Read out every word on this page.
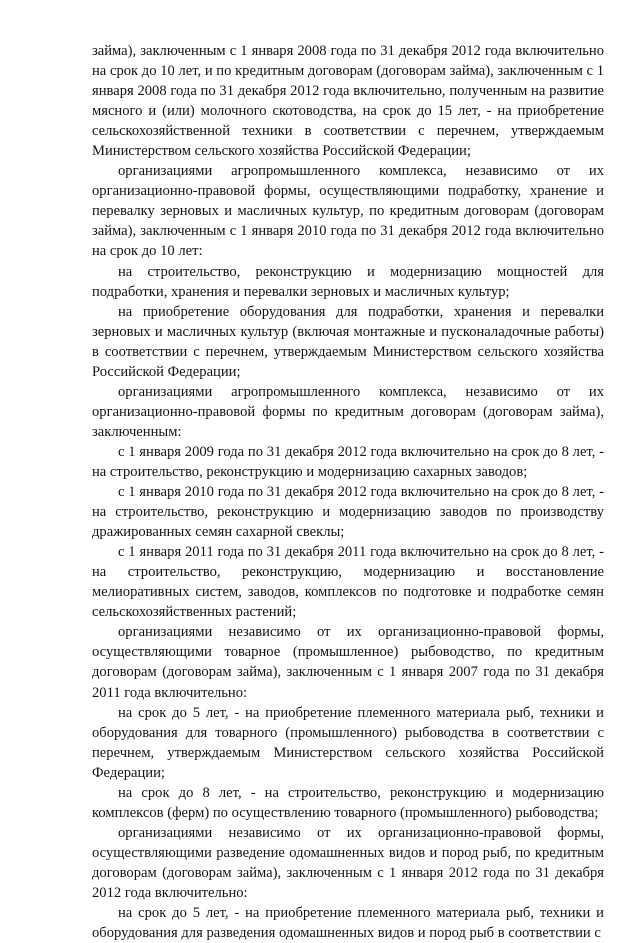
займа), заключенным с 1 января 2008 года по 31 декабря 2012 года включительно на срок до 10 лет, и по кредитным договорам (договорам займа), заключенным с 1 января 2008 года по 31 декабря 2012 года включительно, полученным на развитие мясного и (или) молочного скотоводства, на срок до 15 лет, - на приобретение сельскохозяйственной техники в соответствии с перечнем, утверждаемым Министерством сельского хозяйства Российской Федерации;

организациями агропромышленного комплекса, независимо от их организационно-правовой формы, осуществляющими подработку, хранение и перевалку зерновых и масличных культур, по кредитным договорам (договорам займа), заключенным с 1 января 2010 года по 31 декабря 2012 года включительно на срок до 10 лет:

на строительство, реконструкцию и модернизацию мощностей для подработки, хранения и перевалки зерновых и масличных культур;

на приобретение оборудования для подработки, хранения и перевалки зерновых и масличных культур (включая монтажные и пусконаладочные работы) в соответствии с перечнем, утверждаемым Министерством сельского хозяйства Российской Федерации;

организациями агропромышленного комплекса, независимо от их организационно-правовой формы по кредитным договорам (договорам займа), заключенным:

с 1 января 2009 года по 31 декабря 2012 года включительно на срок до 8 лет, - на строительство, реконструкцию и модернизацию сахарных заводов;

с 1 января 2010 года по 31 декабря 2012 года включительно на срок до 8 лет, - на строительство, реконструкцию и модернизацию заводов по производству дражированных семян сахарной свеклы;

с 1 января 2011 года по 31 декабря 2011 года включительно на срок до 8 лет, - на строительство, реконструкцию, модернизацию и восстановление мелиоративных систем, заводов, комплексов по подготовке и подработке семян сельскохозяйственных растений;

организациями независимо от их организационно-правовой формы, осуществляющими товарное (промышленное) рыбоводство, по кредитным договорам (договорам займа), заключенным с 1 января 2007 года по 31 декабря 2011 года включительно:

на срок до 5 лет, - на приобретение племенного материала рыб, техники и оборудования для товарного (промышленного) рыбоводства в соответствии с перечнем, утверждаемым Министерством сельского хозяйства Российской Федерации;

на срок до 8 лет, - на строительство, реконструкцию и модернизацию комплексов (ферм) по осуществлению товарного (промышленного) рыбоводства;

организациями независимо от их организационно-правовой формы, осуществляющими разведение одомашненных видов и пород рыб, по кредитным договорам (договорам займа), заключенным с 1 января 2012 года по 31 декабря 2012 года включительно:

на срок до 5 лет, - на приобретение племенного материала рыб, техники и оборудования для разведения одомашненных видов и пород рыб в соответствии с
